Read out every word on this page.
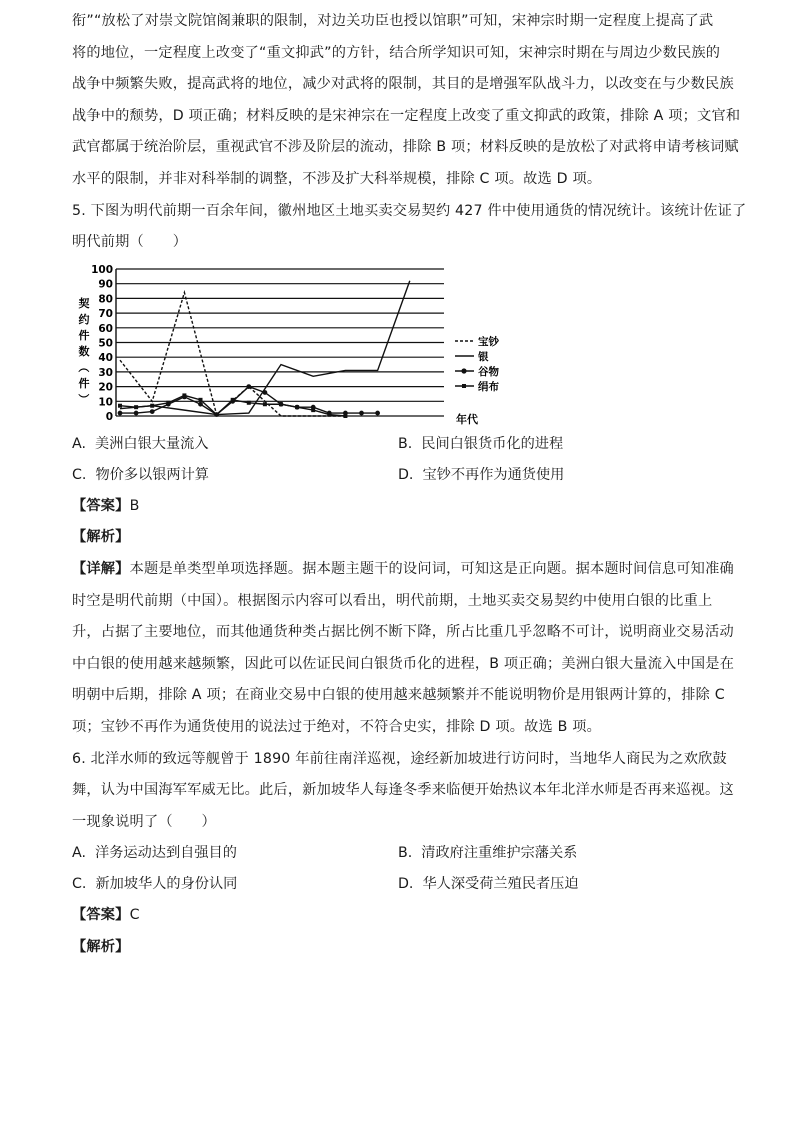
衔”“放松了对崇文院馆阁兼职的限制，对边关功臣也授以馆职”可知，宋神宗时期一定程度上提高了武

将的地位，一定程度上改变了“重文抑武”的方针，结合所学知识可知，宋神宗时期在与周边少数民族的

战争中频繁失败，提高武将的地位，减少对武将的限制，其目的是增强军队战斗力，以改变在与少数民族

战争中的颓势，D 项正确；材料反映的是宋神宗在一定程度上改变了重文抑武的政策，排除 A 项；文官和

武官都属于统治阶层，重视武官不涉及阶层的流动，排除 B 项；材料反映的是放松了对武将申请考核词赋

水平的限制，并非对科举制的调整，不涉及扩大科举规模，排除 C 项。故选 D 项。

5. 下图为明代前期一百余年间，徽州地区土地买卖交易契约 427 件中使用通货的情况统计。该统计佐证了

明代前期（　　）

0
10
20
30
40
50
60
70
80
90
100
契
约
件
数
（
件
）
宝钞
银
谷物
绢布
年代
A. 美洲白银大量流入	B. 民间白银货币化的进程
C. 物价多以银两计算	D. 宝钞不再作为通货使用

【答案】B

【解析】

【详解】本题是单类型单项选择题。据本题主题干的设问词，可知这是正向题。据本题时间信息可知准确

时空是明代前期（中国）。根据图示内容可以看出，明代前期，土地买卖交易契约中使用白银的比重上

升，占据了主要地位，而其他通货种类占据比例不断下降，所占比重几乎忽略不可计，说明商业交易活动

中白银的使用越来越频繁，因此可以佐证民间白银货币化的进程，B 项正确；美洲白银大量流入中国是在

明朝中后期，排除 A 项；在商业交易中白银的使用越来越频繁并不能说明物价是用银两计算的，排除 C

项；宝钞不再作为通货使用的说法过于绝对，不符合史实，排除 D 项。故选 B 项。

6. 北洋水师的致远等舰曾于 1890 年前往南洋巡视，途经新加坡进行访问时，当地华人商民为之欢欣鼓

舞，认为中国海军军威无比。此后，新加坡华人每逢冬季来临便开始热议本年北洋水师是否再来巡视。这

一现象说明了（　　）

A. 洋务运动达到自强目的	B. 清政府注重维护宗藩关系
C. 新加坡华人的身份认同	D. 华人深受荷兰殖民者压迫

【答案】C

【解析】
